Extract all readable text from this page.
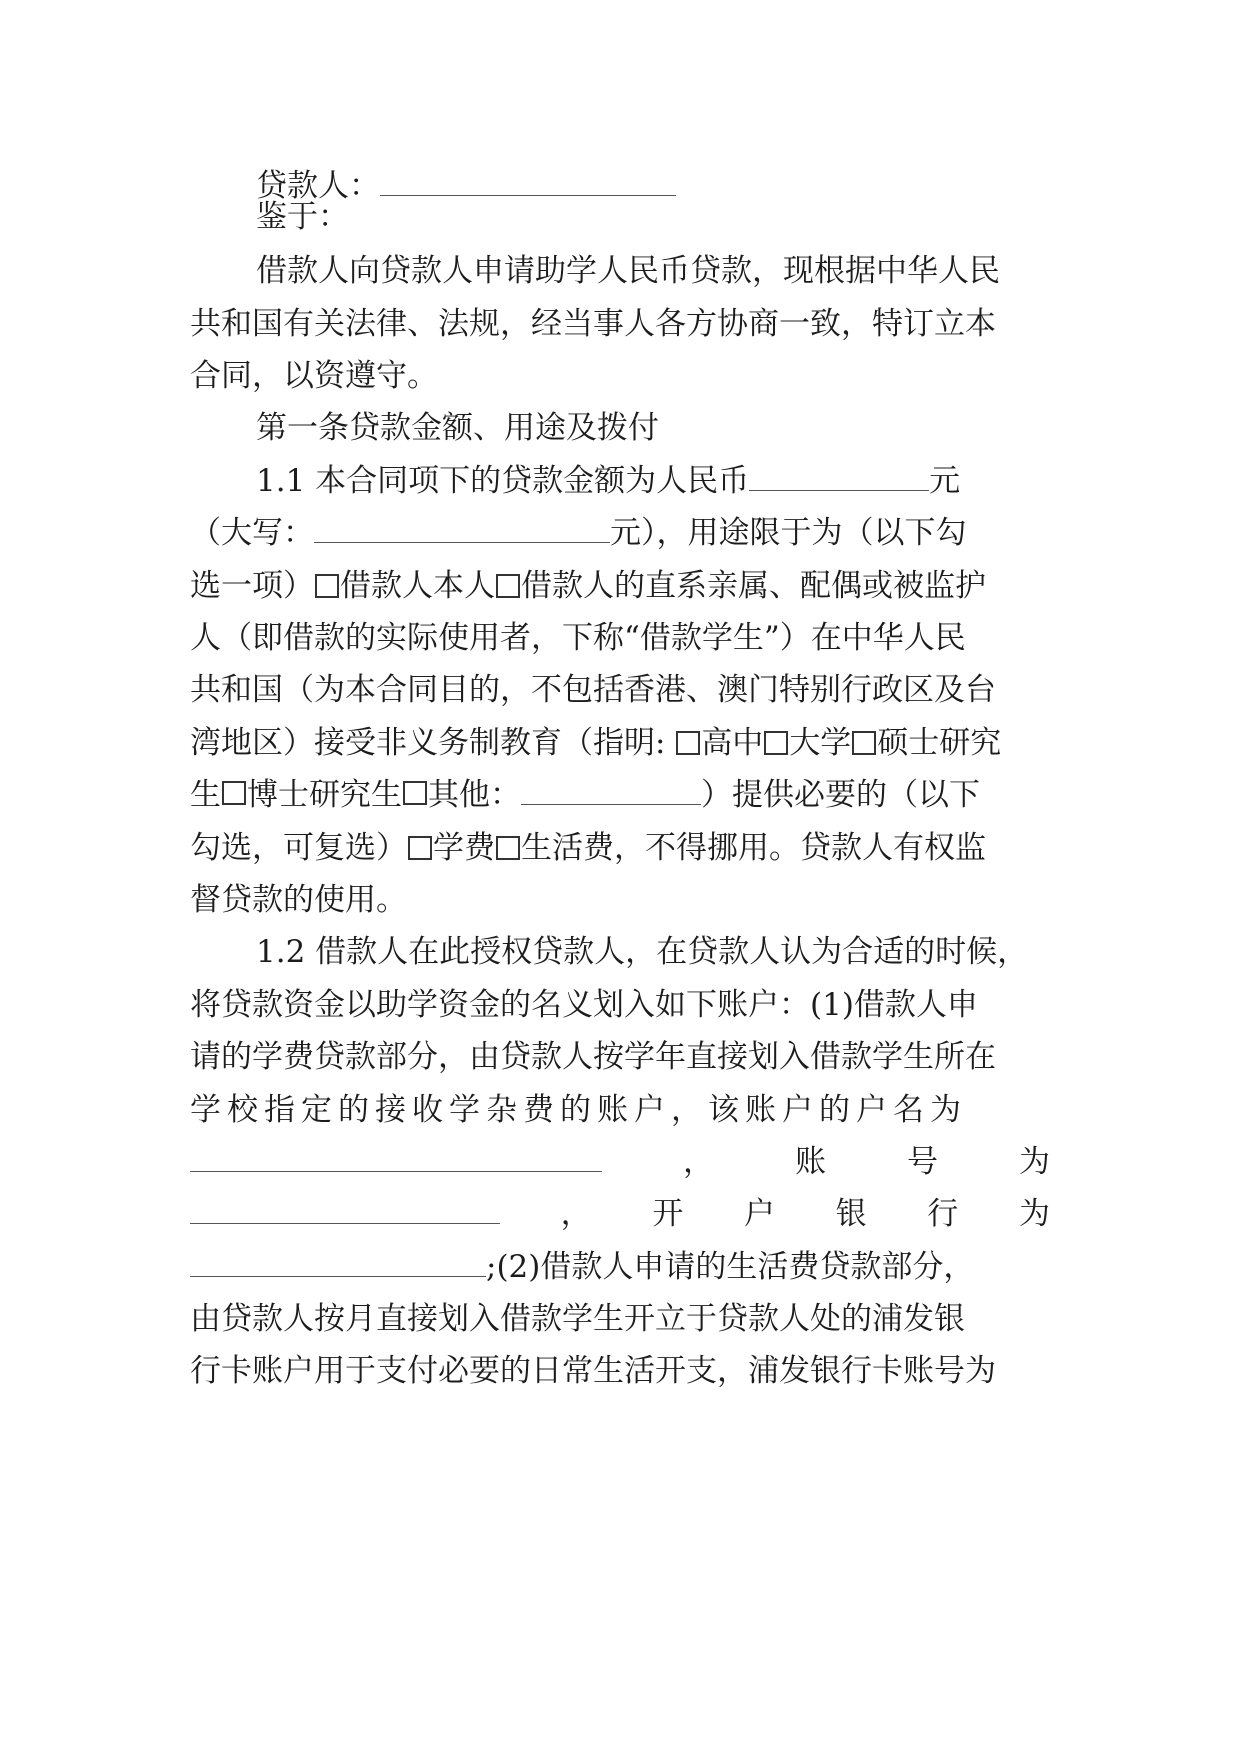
贷款人：
鉴于：
借款人向贷款人申请助学人民币贷款，现根据中华人民
共和国有关法律、法规，经当事人各方协商一致，特订立本
合同，以资遵守。
第一条贷款金额、用途及拨付
1.1 本合同项下的贷款金额为人民币	元
（大写：	元），用途限于为（以下勾
选一项） 借款人本人 借款人的直系亲属、配偶或被监护
人（即借款的实际使用者，下称“借款学生”）在中华人民
共和国（为本合同目的，不包括香港、澳门特别行政区及台
湾地区）接受非义务制教育（指明: 高中 大学 硕士研究
生 博士研究生 其他：	）提供必要的（以下
勾选，可复选） 学费 生活费，不得挪用。贷款人有权监
督贷款的使用。
1.2 借款人在此授权贷款人，在贷款人认为合适的时候，
将贷款资金以助学资金的名义划入如下账户：(1)借款人申
请的学费贷款部分，由贷款人按学年直接划入借款学生所在
学校指定的接收学杂费的账户，该账户的户名为
，	账	号	为
， 开 户 银 行 为
;(2)借款人申请的生活费贷款部分，
由贷款人按月直接划入借款学生开立于贷款人处的浦发银
行卡账户用于支付必要的日常生活开支，浦发银行卡账号为
